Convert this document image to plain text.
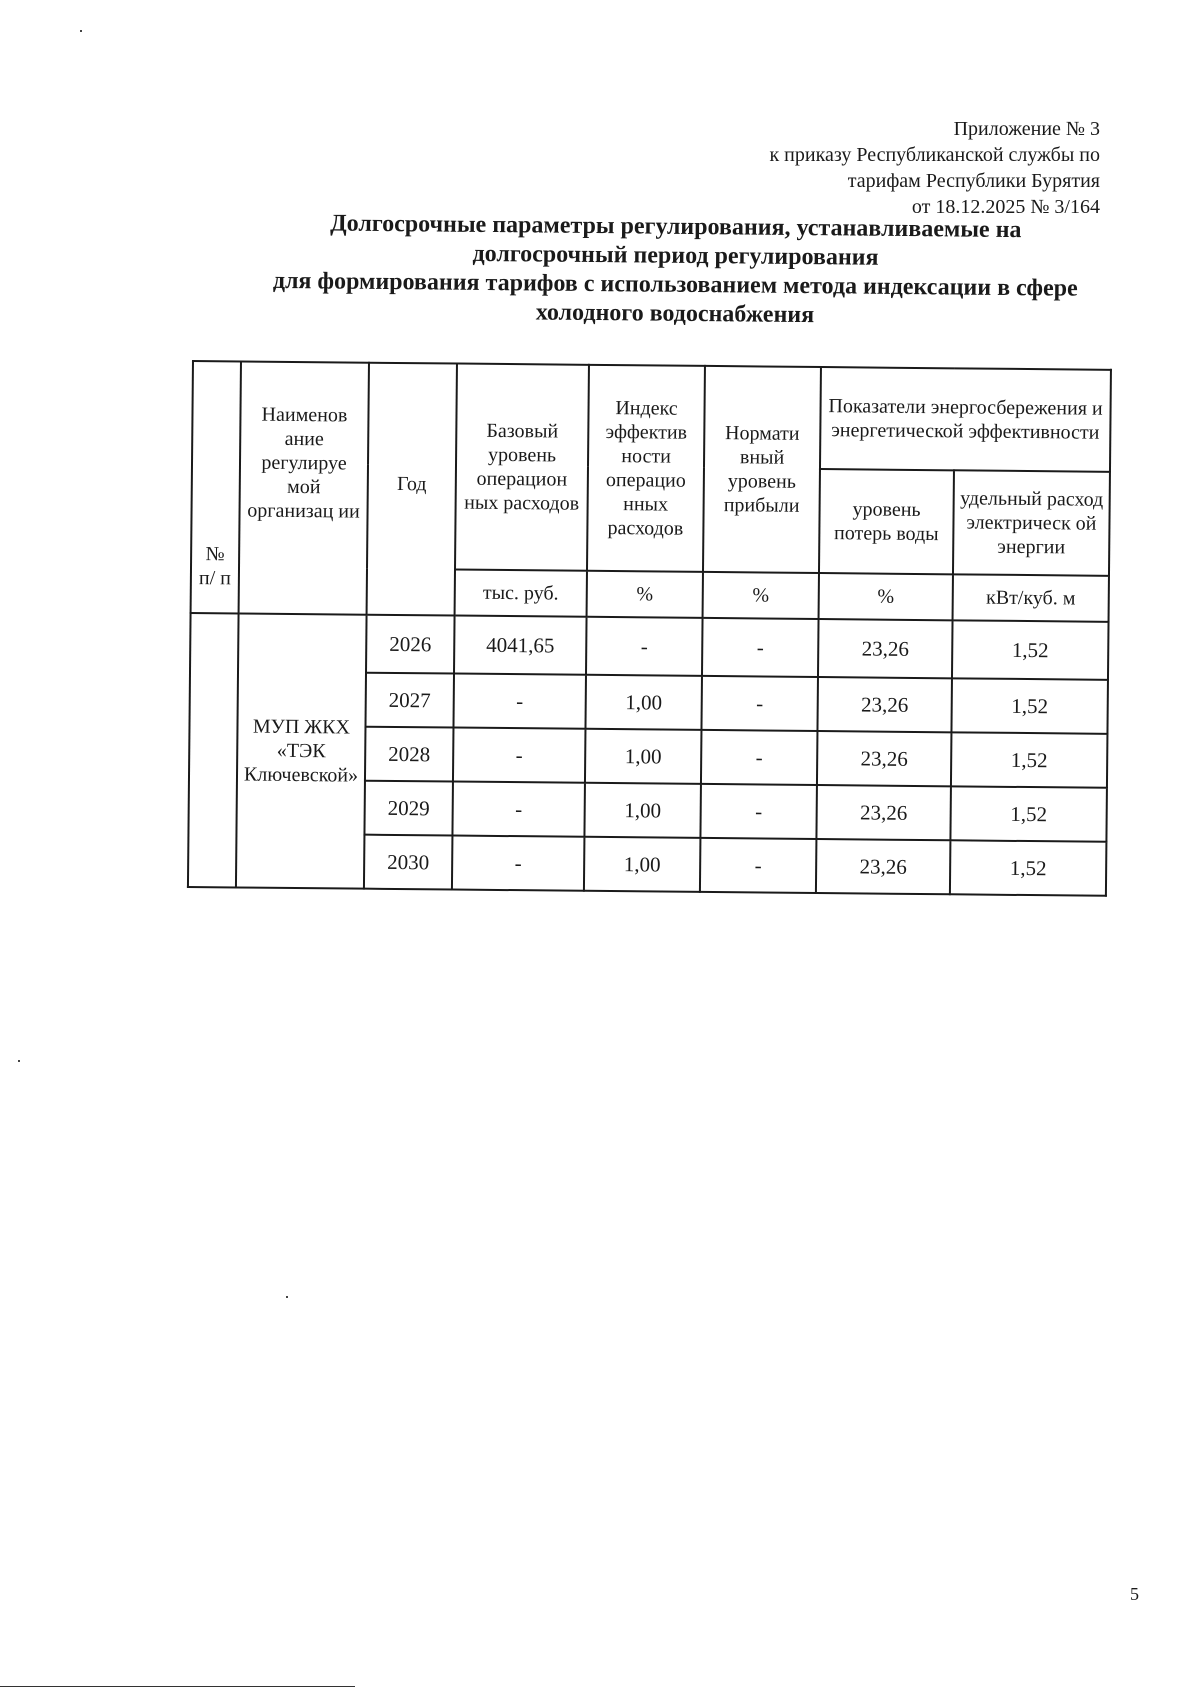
Приложение № 3
к приказу Республиканской службы по
тарифам Республики Бурятия
от 18.12.2025 № 3/164
Долгосрочные параметры регулирования, устанавливаемые на
долгосрочный период регулирования
для формирования тарифов с использованием метода индексации в сфере
холодного водоснабжения
№ п/ п	Наименов ание регулируе мой организац ии	Год	Базовый уровень операцион ных расходов	Индекс эффектив ности операцио нных расходов	Нормати вный уровень прибыли	Показатели энергосбережения и энергетической эффективности	
						уровень потерь воды	удельный расход электрическ ой энергии
			тыс. руб.	%	%	%	кВт/куб. м
	МУП ЖКХ «ТЭК Ключевской»	2026	4041,65	-	-	23,26	1,52
		2027	-	1,00	-	23,26	1,52
		2028	-	1,00	-	23,26	1,52
		2029	-	1,00	-	23,26	1,52
		2030	-	1,00	-	23,26	1,52
5
